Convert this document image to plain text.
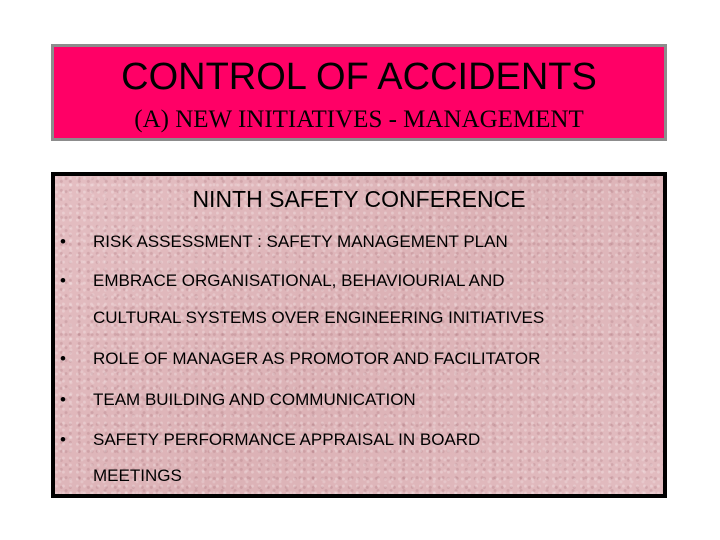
CONTROL OF ACCIDENTS
(A) NEW INITIATIVES - MANAGEMENT
NINTH SAFETY CONFERENCE
•	RISK ASSESSMENT : SAFETY MANAGEMENT PLAN
•	EMBRACE ORGANISATIONAL, BEHAVIOURIAL AND
CULTURAL SYSTEMS OVER ENGINEERING INITIATIVES
•	ROLE OF MANAGER AS PROMOTOR AND FACILITATOR
•	TEAM BUILDING AND COMMUNICATION
•	SAFETY PERFORMANCE APPRAISAL IN BOARD
MEETINGS
